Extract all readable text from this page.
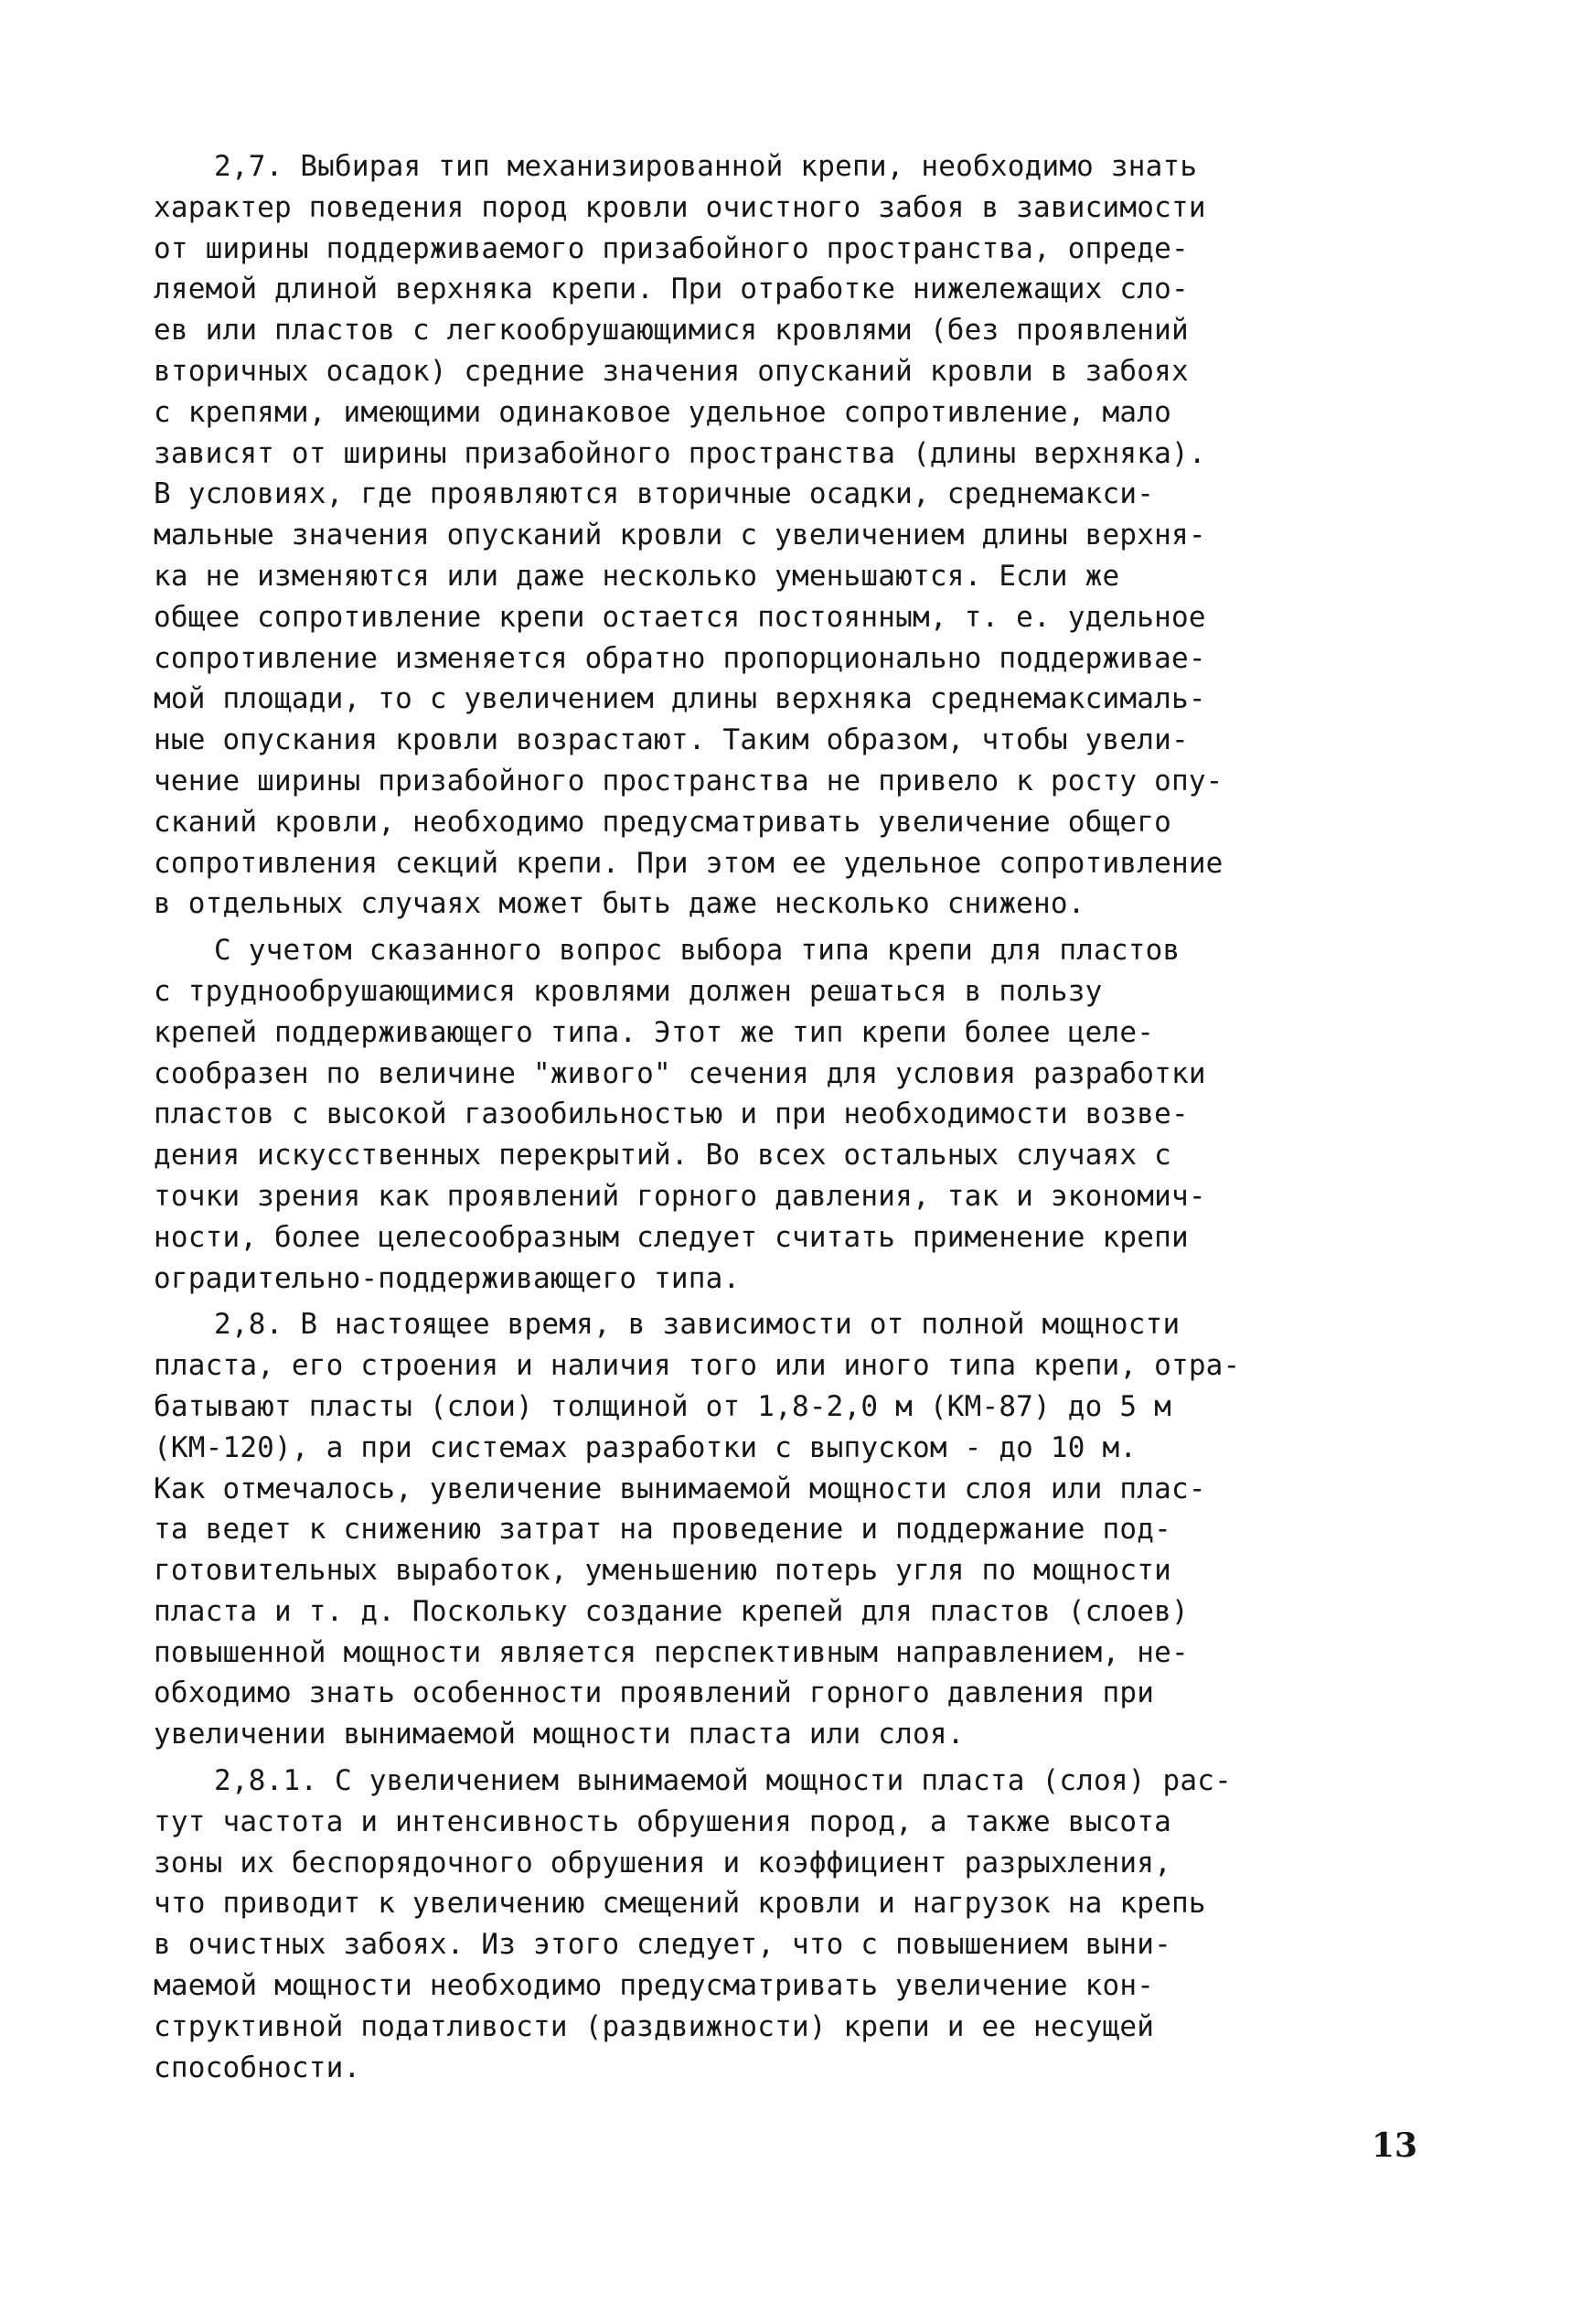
2,7. Выбирая тип механизированной крепи, необходимо знать
характер поведения пород кровли очистного забоя в зависимости
от ширины поддерживаемого призабойного пространства, опреде-
ляемой длиной верхняка крепи. При отработке нижележащих сло-
ев или пластов с легкообрушающимися кровлями (без проявлений
вторичных осадок) средние значения опусканий кровли в забоях
с крепями, имеющими одинаковое удельное сопротивление, мало
зависят от ширины призабойного пространства (длины верхняка).
В условиях, где проявляются вторичные осадки, среднемакси-
мальные значения опусканий кровли с увеличением длины верхня-
ка не изменяются или даже несколько уменьшаются. Если же
общее сопротивление крепи остается постоянным, т. е. удельное
сопротивление изменяется обратно пропорционально поддерживае-
мой площади, то с увеличением длины верхняка среднемаксималь-
ные опускания кровли возрастают. Таким образом, чтобы увели-
чение ширины призабойного пространства не привело к росту опу-
сканий кровли, необходимо предусматривать увеличение общего
сопротивления секций крепи. При этом ее удельное сопротивление
в отдельных случаях может быть даже несколько снижено.
С учетом сказанного вопрос выбора типа крепи для пластов
с труднообрушающимися кровлями должен решаться в пользу
крепей поддерживающего типа. Этот же тип крепи более целе-
сообразен по величине "живого" сечения для условия разработки
пластов с высокой газообильностью и при необходимости возве-
дения искусственных перекрытий. Во всех остальных случаях с
точки зрения как проявлений горного давления, так и экономич-
ности, более целесообразным следует считать применение крепи
оградительно-поддерживающего типа.
2,8. В настоящее время, в зависимости от полной мощности
пласта, его строения и наличия того или иного типа крепи, отра-
батывают пласты (слои) толщиной от 1,8-2,0 м (КМ-87) до 5 м
(КМ-120), а при системах разработки с выпуском - до 10 м.
Как отмечалось, увеличение вынимаемой мощности слоя или плас-
та ведет к снижению затрат на проведение и поддержание под-
готовительных выработок, уменьшению потерь угля по мощности
пласта и т. д. Поскольку создание крепей для пластов (слоев)
повышенной мощности является перспективным направлением, не-
обходимо знать особенности проявлений горного давления при
увеличении вынимаемой мощности пласта или слоя.
2,8.1. С увеличением вынимаемой мощности пласта (слоя) рас-
тут частота и интенсивность обрушения пород, а также высота
зоны их беспорядочного обрушения и коэффициент разрыхления,
что приводит к увеличению смещений кровли и нагрузок на крепь
в очистных забоях. Из этого следует, что с повышением выни-
маемой мощности необходимо предусматривать увеличение кон-
структивной податливости (раздвижности) крепи и ее несущей
способности.
13
